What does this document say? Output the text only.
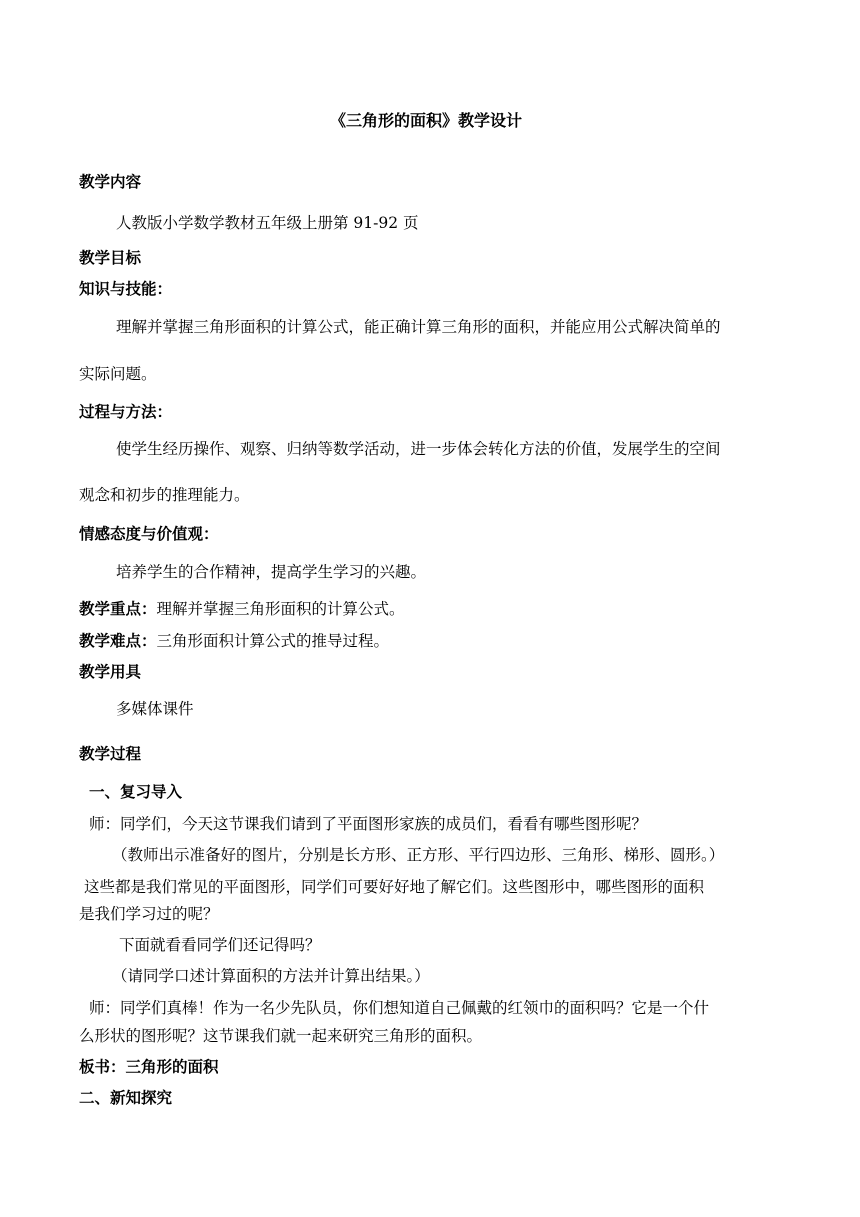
《三角形的面积》教学设计
教学内容
人教版小学数学教材五年级上册第 91-92 页
教学目标
知识与技能：
理解并掌握三角形面积的计算公式，能正确计算三角形的面积，并能应用公式解决简单的
实际问题。
过程与方法：
使学生经历操作、观察、归纳等数学活动，进一步体会转化方法的价值，发展学生的空间
观念和初步的推理能力。
情感态度与价值观：
培养学生的合作精神，提高学生学习的兴趣。
教学重点：理解并掌握三角形面积的计算公式。
教学难点：三角形面积计算公式的推导过程。
教学用具
多媒体课件
教学过程
一、复习导入
师：同学们，今天这节课我们请到了平面图形家族的成员们，看看有哪些图形呢？
（教师出示准备好的图片，分别是长方形、正方形、平行四边形、三角形、梯形、圆形。）
这些都是我们常见的平面图形，同学们可要好好地了解它们。这些图形中，哪些图形的面积
是我们学习过的呢？
下面就看看同学们还记得吗？
（请同学口述计算面积的方法并计算出结果。）
师：同学们真棒！作为一名少先队员，你们想知道自己佩戴的红领巾的面积吗？它是一个什
么形状的图形呢？这节课我们就一起来研究三角形的面积。
板书：三角形的面积
二、新知探究
